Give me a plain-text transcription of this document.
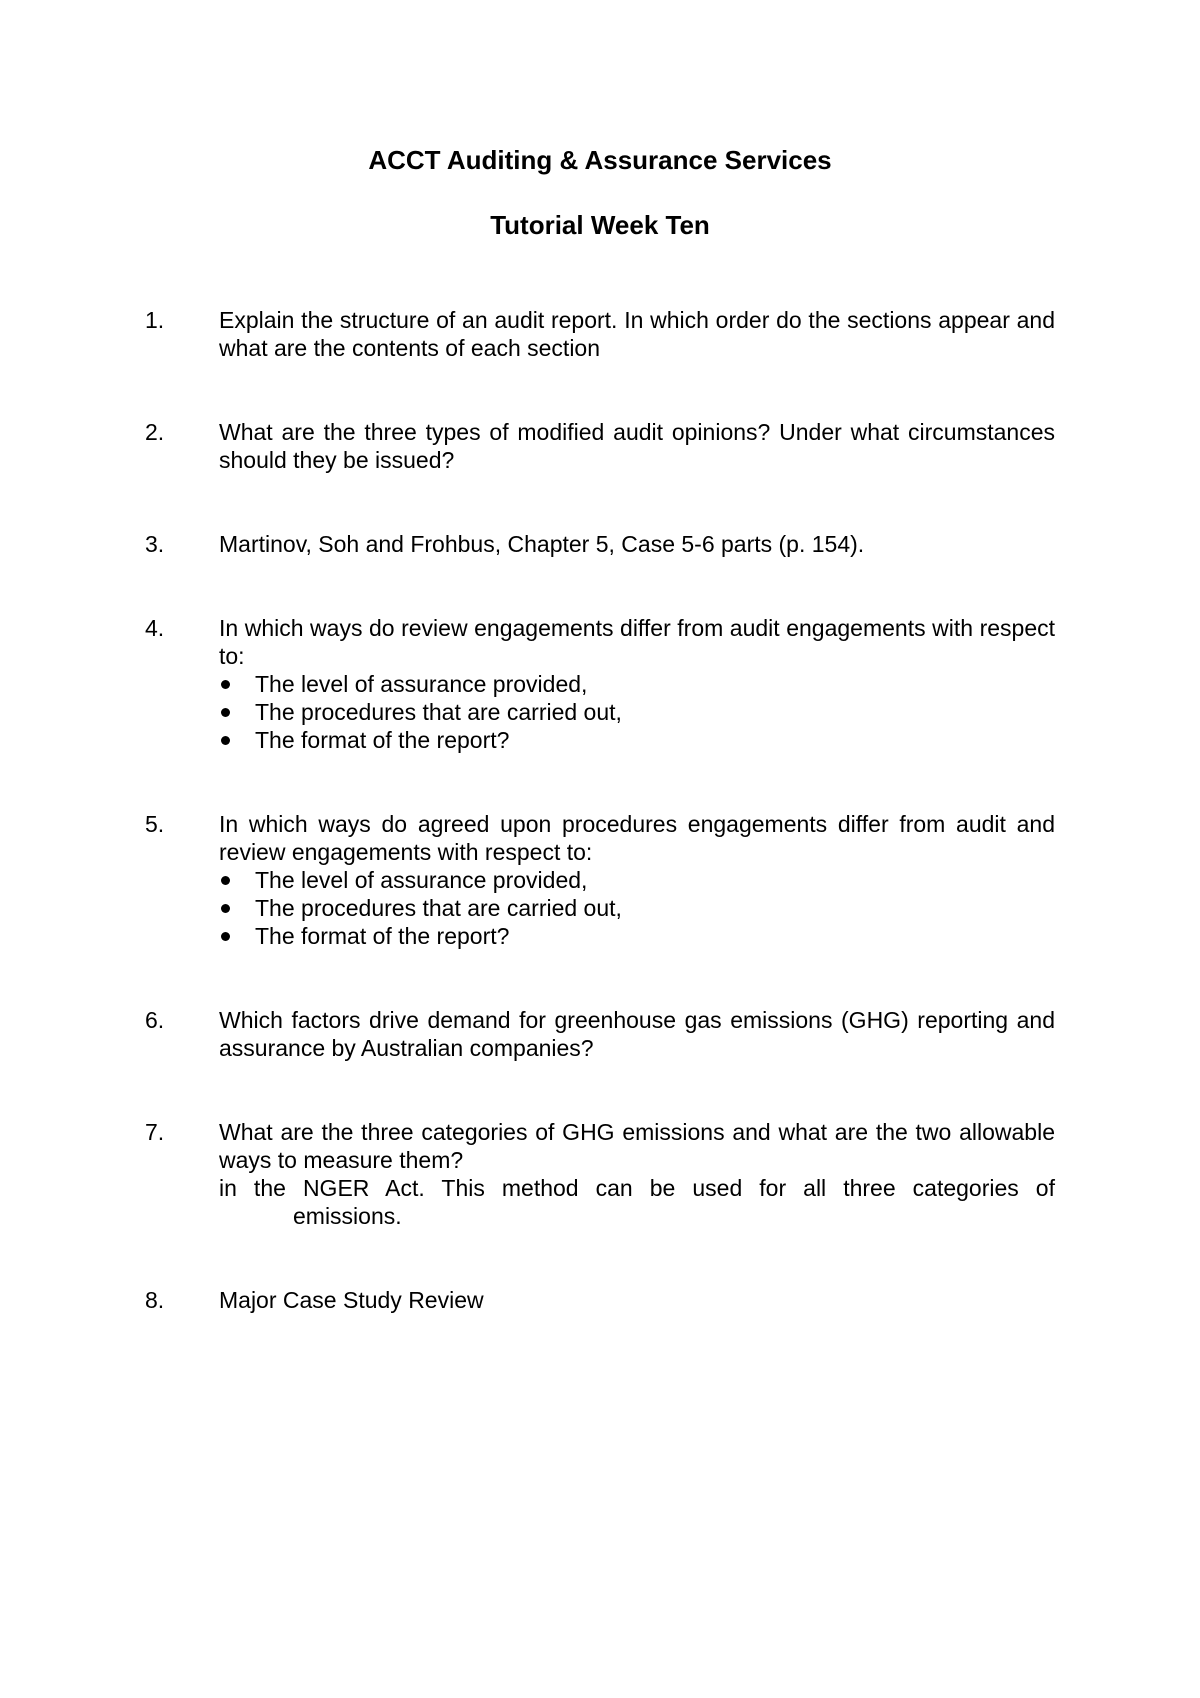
ACCT Auditing & Assurance Services
Tutorial Week Ten
1. Explain the structure of an audit report. In which order do the sections appear and what are the contents of each section
2. What are the three types of modified audit opinions? Under what circumstances should they be issued?
3. Martinov, Soh and Frohbus, Chapter 5, Case 5-6 parts (p. 154).
4. In which ways do review engagements differ from audit engagements with respect to:
The level of assurance provided,
The procedures that are carried out,
The format of the report?
5. In which ways do agreed upon procedures engagements differ from audit and review engagements with respect to:
The level of assurance provided,
The procedures that are carried out,
The format of the report?
6. Which factors drive demand for greenhouse gas emissions (GHG) reporting and assurance by Australian companies?
7. What are the three categories of GHG emissions and what are the two allowable ways to measure them?
in the NGER Act. This method can be used for all three categories of
emissions.
8. Major Case Study Review
